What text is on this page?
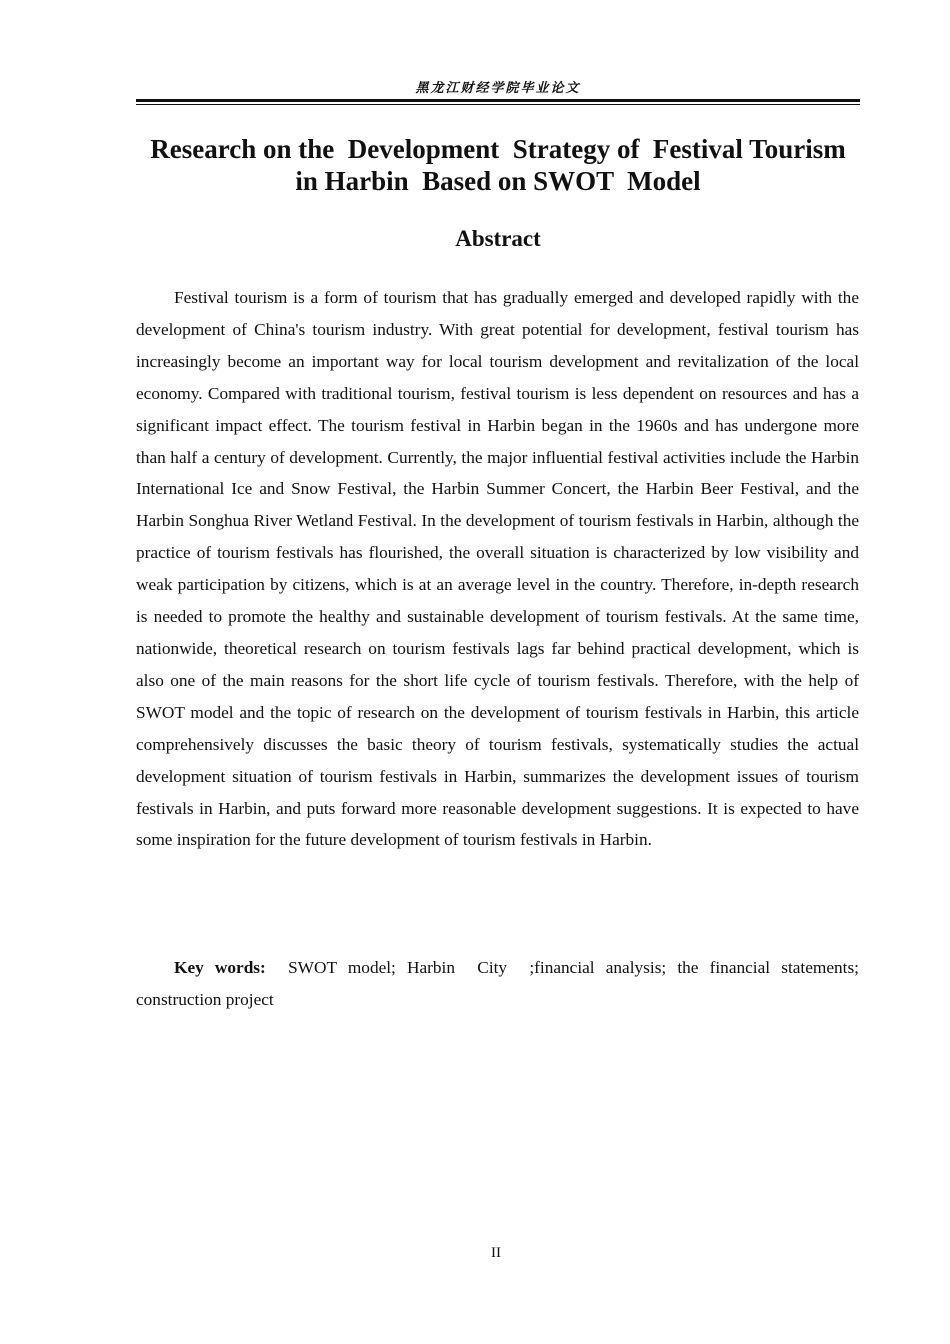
黑龙江财经学院毕业论文
Research on the  Development  Strategy of  Festival Tourism in Harbin  Based on SWOT  Model
Abstract

Festival tourism is a form of tourism that has gradually emerged and developed rapidly with the development of China's tourism industry. With great potential for development, festival tourism has increasingly become an important way for local tourism development and revitalization of the local economy. Compared with traditional tourism, festival tourism is less dependent on resources and has a significant impact effect. The tourism festival in Harbin began in the 1960s and has undergone more than half a century of development. Currently, the major influential festival activities include the Harbin International Ice and Snow Festival, the Harbin Summer Concert, the Harbin Beer Festival, and the Harbin Songhua River Wetland Festival. In the development of tourism festivals in Harbin, although the practice of tourism festivals has flourished, the overall situation is characterized by low visibility and weak participation by citizens, which is at an average level in the country. Therefore, in-depth research is needed to promote the healthy and sustainable development of tourism festivals. At the same time, nationwide, theoretical research on tourism festivals lags far behind practical development, which is also one of the main reasons for the short life cycle of tourism festivals. Therefore, with the help of SWOT model and the topic of research on the development of tourism festivals in Harbin, this article comprehensively discusses the basic theory of tourism festivals, systematically studies the actual development situation of tourism festivals in Harbin, summarizes the development issues of tourism festivals in Harbin, and puts forward more reasonable development suggestions. It is expected to have some inspiration for the future development of tourism festivals in Harbin.

Key words:  SWOT model; Harbin  City  ;financial analysis; the financial statements; construction project

II
